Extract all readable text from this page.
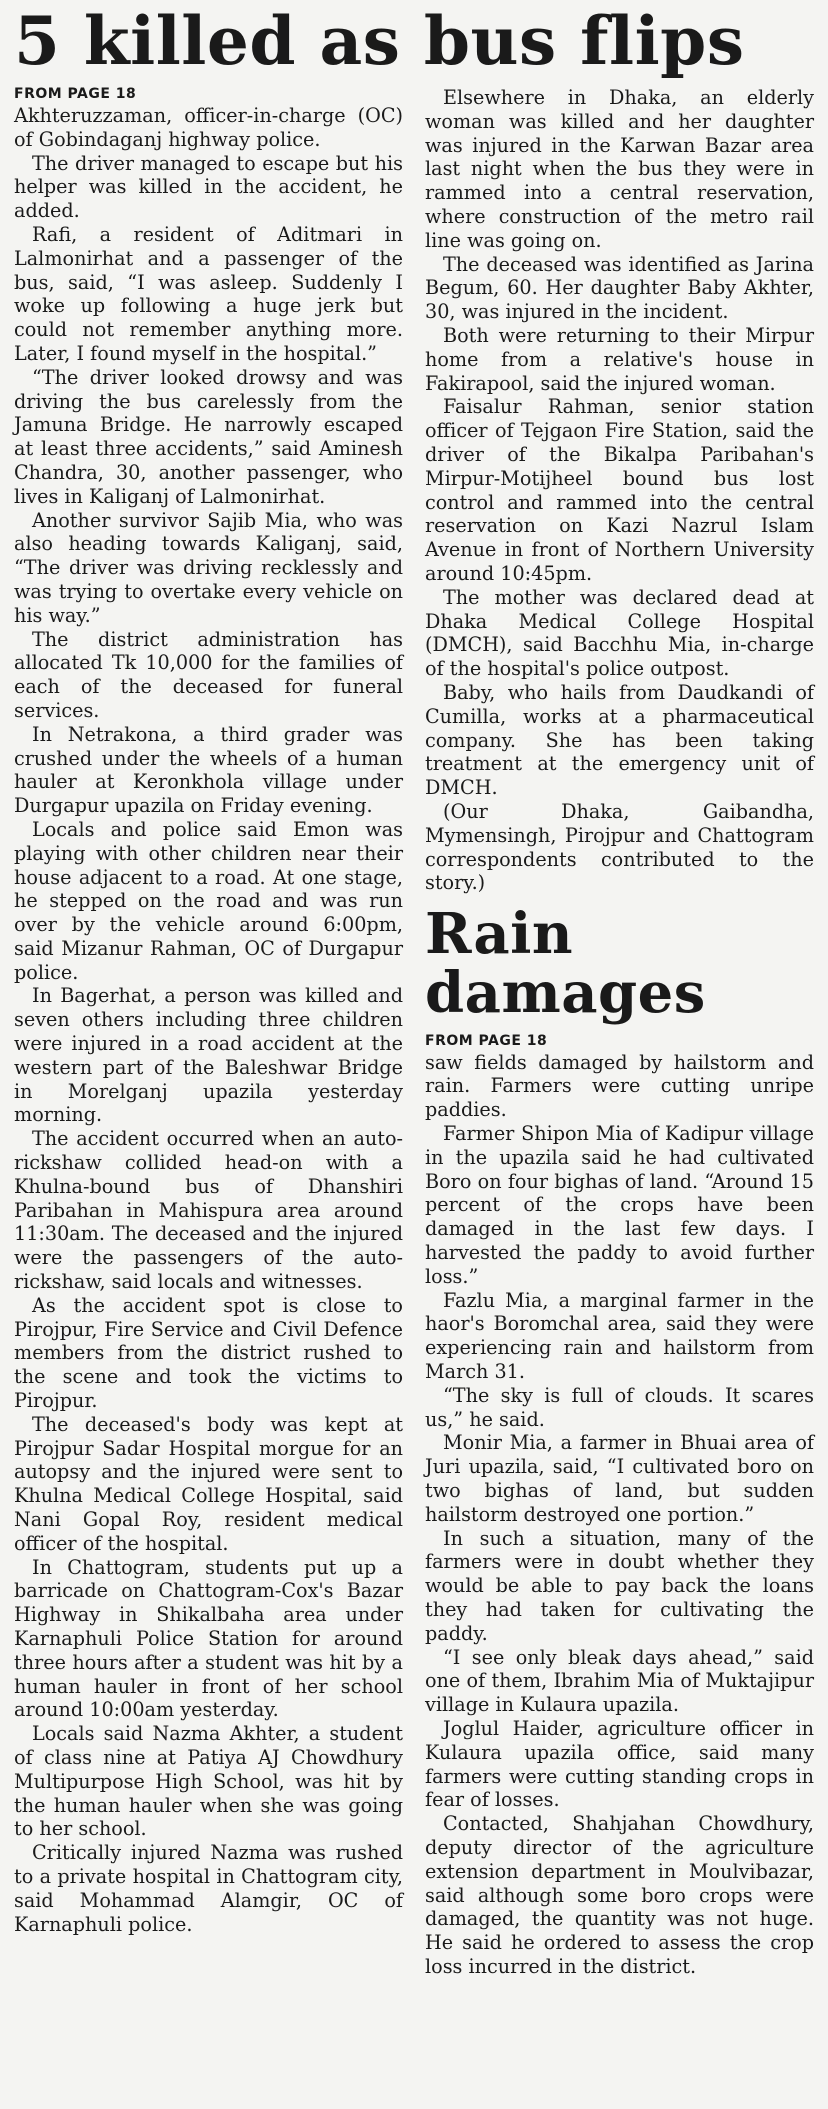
5 killed as bus flips
FROM PAGE 18

Akhteruzzaman, officer-in-charge (OC) of Gobindaganj highway police.

The driver managed to escape but his helper was killed in the accident, he added.

Rafi, a resident of Aditmari in Lalmonirhat and a passenger of the bus, said, “I was asleep. Suddenly I woke up following a huge jerk but could not remember anything more. Later, I found myself in the hospital.”

“The driver looked drowsy and was driving the bus carelessly from the Jamuna Bridge. He narrowly escaped at least three accidents,” said Aminesh Chandra, 30, another passenger, who lives in Kaliganj of Lalmonirhat.

Another survivor Sajib Mia, who was also heading towards Kaliganj, said, “The driver was driving recklessly and was trying to overtake every vehicle on his way.”

The district administration has allocated Tk 10,000 for the families of each of the deceased for funeral services.

In Netrakona, a third grader was crushed under the wheels of a human hauler at Keronkhola village under Durgapur upazila on Friday evening.

Locals and police said Emon was playing with other children near their house adjacent to a road. At one stage, he stepped on the road and was run over by the vehicle around 6:00pm, said Mizanur Rahman, OC of Durgapur police.

In Bagerhat, a person was killed and seven others including three children were injured in a road accident at the western part of the Baleshwar Bridge in Morelganj upazila yesterday morning.

The accident occurred when an auto-rickshaw collided head-on with a Khulna-bound bus of Dhanshiri Paribahan in Mahispura area around 11:30am. The deceased and the injured were the passengers of the auto-rickshaw, said locals and witnesses.

As the accident spot is close to Pirojpur, Fire Service and Civil Defence members from the district rushed to the scene and took the victims to Pirojpur.

The deceased's body was kept at Pirojpur Sadar Hospital morgue for an autopsy and the injured were sent to Khulna Medical College Hospital, said Nani Gopal Roy, resident medical officer of the hospital.

In Chattogram, students put up a barricade on Chattogram-Cox's Bazar Highway in Shikalbaha area under Karnaphuli Police Station for around three hours after a student was hit by a human hauler in front of her school around 10:00am yesterday.

Locals said Nazma Akhter, a student of class nine at Patiya AJ Chowdhury Multipurpose High School, was hit by the human hauler when she was going to her school.

Critically injured Nazma was rushed to a private hospital in Chattogram city, said Mohammad Alamgir, OC of Karnaphuli police.

Elsewhere in Dhaka, an elderly woman was killed and her daughter was injured in the Karwan Bazar area last night when the bus they were in rammed into a central reservation, where construction of the metro rail line was going on.

The deceased was identified as Jarina Begum, 60. Her daughter Baby Akhter, 30, was injured in the incident.

Both were returning to their Mirpur home from a relative's house in Fakirapool, said the injured woman.

Faisalur Rahman, senior station officer of Tejgaon Fire Station, said the driver of the Bikalpa Paribahan's Mirpur-Motijheel bound bus lost control and rammed into the central reservation on Kazi Nazrul Islam Avenue in front of Northern University around 10:45pm.

The mother was declared dead at Dhaka Medical College Hospital (DMCH), said Bacchhu Mia, in-charge of the hospital's police outpost.

Baby, who hails from Daudkandi of Cumilla, works at a pharmaceutical company. She has been taking treatment at the emergency unit of DMCH.

(Our Dhaka, Gaibandha, Mymensingh, Pirojpur and Chattogram correspondents contributed to the story.)

Rain damages
FROM PAGE 18

saw fields damaged by hailstorm and rain. Farmers were cutting unripe paddies.

Farmer Shipon Mia of Kadipur village in the upazila said he had cultivated Boro on four bighas of land. “Around 15 percent of the crops have been damaged in the last few days. I harvested the paddy to avoid further loss.”

Fazlu Mia, a marginal farmer in the haor's Boromchal area, said they were experiencing rain and hailstorm from March 31.

“The sky is full of clouds. It scares us,” he said.

Monir Mia, a farmer in Bhuai area of Juri upazila, said, “I cultivated boro on two bighas of land, but sudden hailstorm destroyed one portion.”

In such a situation, many of the farmers were in doubt whether they would be able to pay back the loans they had taken for cultivating the paddy.

“I see only bleak days ahead,” said one of them, Ibrahim Mia of Muktajipur village in Kulaura upazila.

Joglul Haider, agriculture officer in Kulaura upazila office, said many farmers were cutting standing crops in fear of losses.

Contacted, Shahjahan Chowdhury, deputy director of the agriculture extension department in Moulvibazar, said although some boro crops were damaged, the quantity was not huge. He said he ordered to assess the crop loss incurred in the district.
